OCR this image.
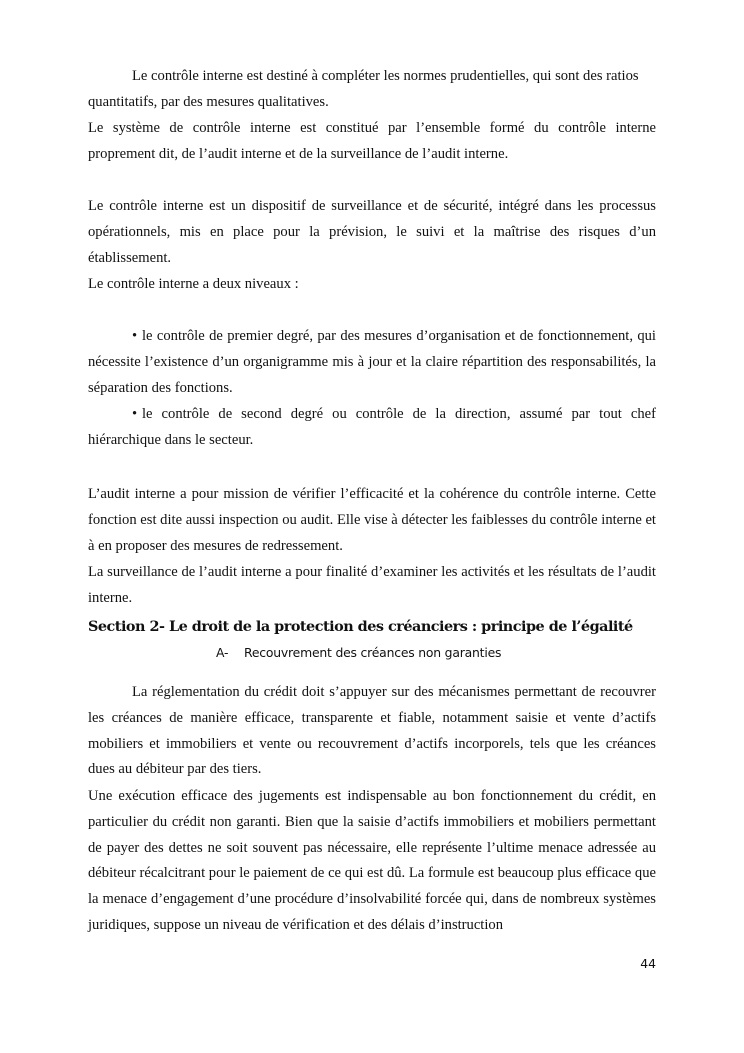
Le contrôle interne est destiné à compléter les normes prudentielles, qui sont des ratios
quantitatifs, par des mesures qualitatives.
Le système de contrôle interne est constitué par l’ensemble formé du contrôle interne proprement dit, de l’audit interne et de la surveillance de l’audit interne.
Le contrôle interne est un dispositif de surveillance et de sécurité, intégré dans les processus opérationnels, mis en place pour la prévision, le suivi et la maîtrise des risques d’un établissement.
Le contrôle interne a deux niveaux :
• le contrôle de premier degré, par des mesures d’organisation et de fonctionnement, qui nécessite l’existence d’un organigramme mis à jour et la claire répartition des responsabilités, la séparation des fonctions.
• le contrôle de second degré ou contrôle de la direction, assumé par tout chef hiérarchique dans le secteur.
L’audit interne a pour mission de vérifier l’efficacité et la cohérence du contrôle interne. Cette fonction est dite aussi inspection ou audit. Elle vise à détecter les faiblesses du contrôle interne et à en proposer des mesures de redressement.
La surveillance de l’audit interne a pour finalité d’examiner les activités et les résultats de l’audit interne.
Section 2- Le droit de la protection des créanciers : principe de l’égalité
A- Recouvrement des créances non garanties
La réglementation du crédit doit s’appuyer sur des mécanismes permettant de recouvrer les créances de manière efficace, transparente et fiable, notamment saisie et vente d’actifs mobiliers et immobiliers et vente ou recouvrement d’actifs incorporels, tels que les créances dues au débiteur par des tiers.
Une exécution efficace des jugements est indispensable au bon fonctionnement du crédit, en particulier du crédit non garanti. Bien que la saisie d’actifs immobiliers et mobiliers permettant de payer des dettes ne soit souvent pas nécessaire, elle représente l’ultime menace adressée au débiteur récalcitrant pour le paiement de ce qui est dû. La formule est beaucoup plus efficace que la menace d’engagement d’une procédure d’insolvabilité forcée qui, dans de nombreux systèmes juridiques, suppose un niveau de vérification et des délais d’instruction
44
